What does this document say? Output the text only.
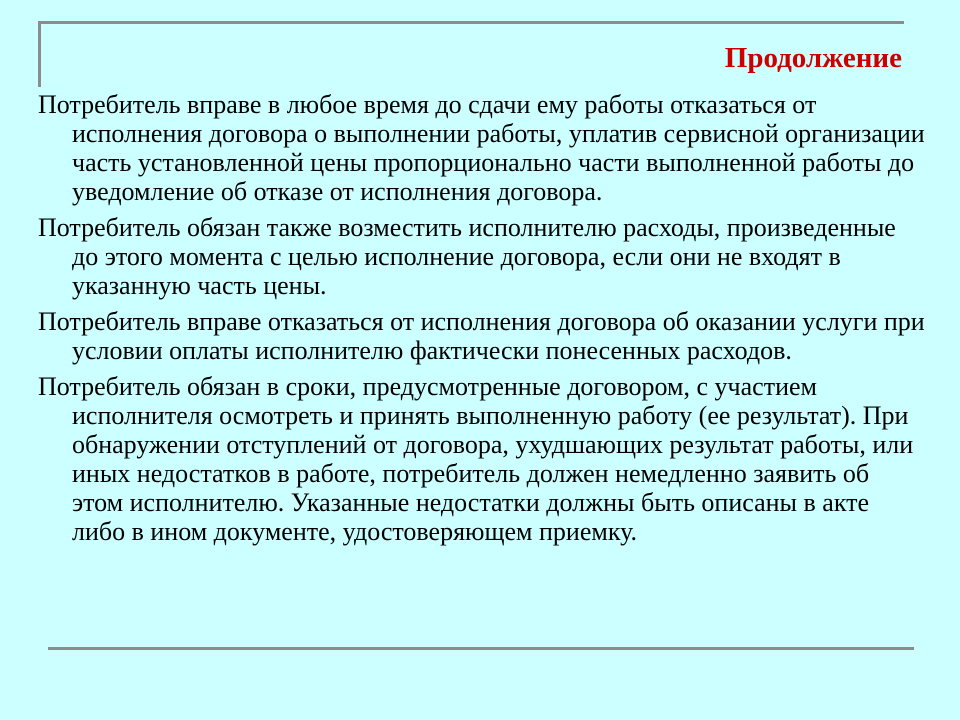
Продолжение

Потребитель вправе в любое время до сдачи ему работы отказаться от исполнения договора о выполнении работы, уплатив сервисной организации часть установленной цены пропорционально части выполненной работы до уведомление об отказе от исполнения договора.

Потребитель обязан также возместить исполнителю расходы, произведенные до этого момента с целью исполнение договора, если они не входят в указанную часть цены.

Потребитель вправе отказаться от исполнения договора об оказании услуги при условии оплаты исполнителю фактически понесенных расходов.

Потребитель обязан в сроки, предусмотренные договором, с участием исполнителя осмотреть и принять выполненную работу (ее результат). При обнаружении отступлений от договора, ухудшающих результат работы, или иных недостатков в работе, потребитель должен немедленно заявить об этом исполнителю. Указанные недостатки должны быть описаны в акте либо в ином документе, удостоверяющем приемку.
